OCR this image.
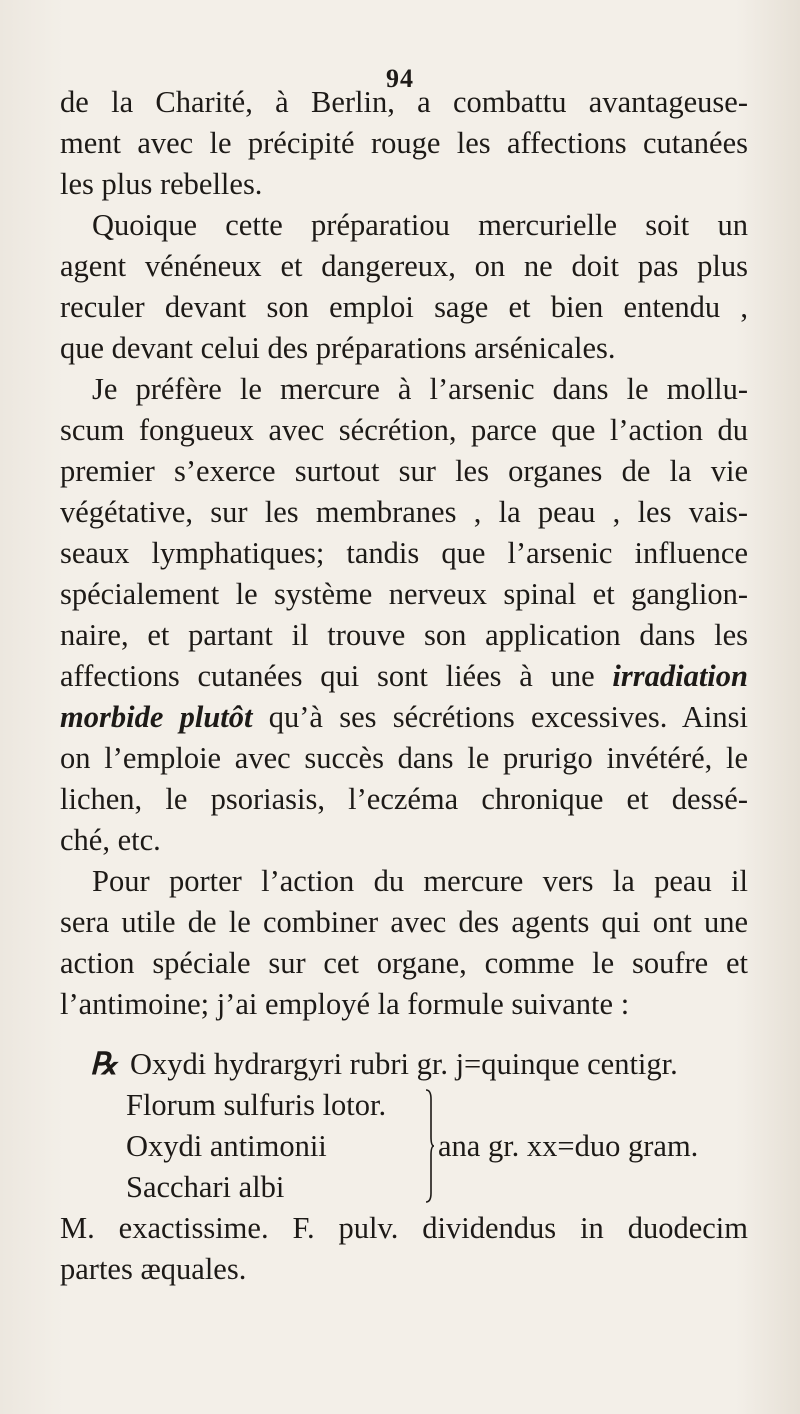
94
de la Charité, à Berlin, a combattu avantageuse-
ment avec le précipité rouge les affections cutanées
les plus rebelles.
Quoique cette préparatiou mercurielle soit un
agent vénéneux et dangereux, on ne doit pas plus
reculer devant son emploi sage et bien entendu ,
que devant celui des préparations arsénicales.
Je préfère le mercure à l’arsenic dans le mollu-
scum fongueux avec sécrétion, parce que l’action du
premier s’exerce surtout sur les organes de la vie
végétative, sur les membranes , la peau , les vais-
seaux lymphatiques; tandis que l’arsenic influence
spécialement le système nerveux spinal et ganglion-
naire, et partant il trouve son application dans les
affections cutanées qui sont liées à une irradiation
morbide plutôt qu’à ses sécrétions excessives. Ainsi
on l’emploie avec succès dans le prurigo invétéré, le
lichen, le psoriasis, l’eczéma chronique et dessé-
ché, etc.
Pour porter l’action du mercure vers la peau il
sera utile de le combiner avec des agents qui ont une
action spéciale sur cet organe, comme le soufre et
l’antimoine; j’ai employé la formule suivante :
℞ Oxydi hydrargyri rubri gr. j=quinque centigr.
Florum sulfuris lotor.
Oxydi antimonii
Sacchari albi
ana gr. xx=duo gram.
M. exactissime. F. pulv. dividendus in duodecim
partes æquales.
